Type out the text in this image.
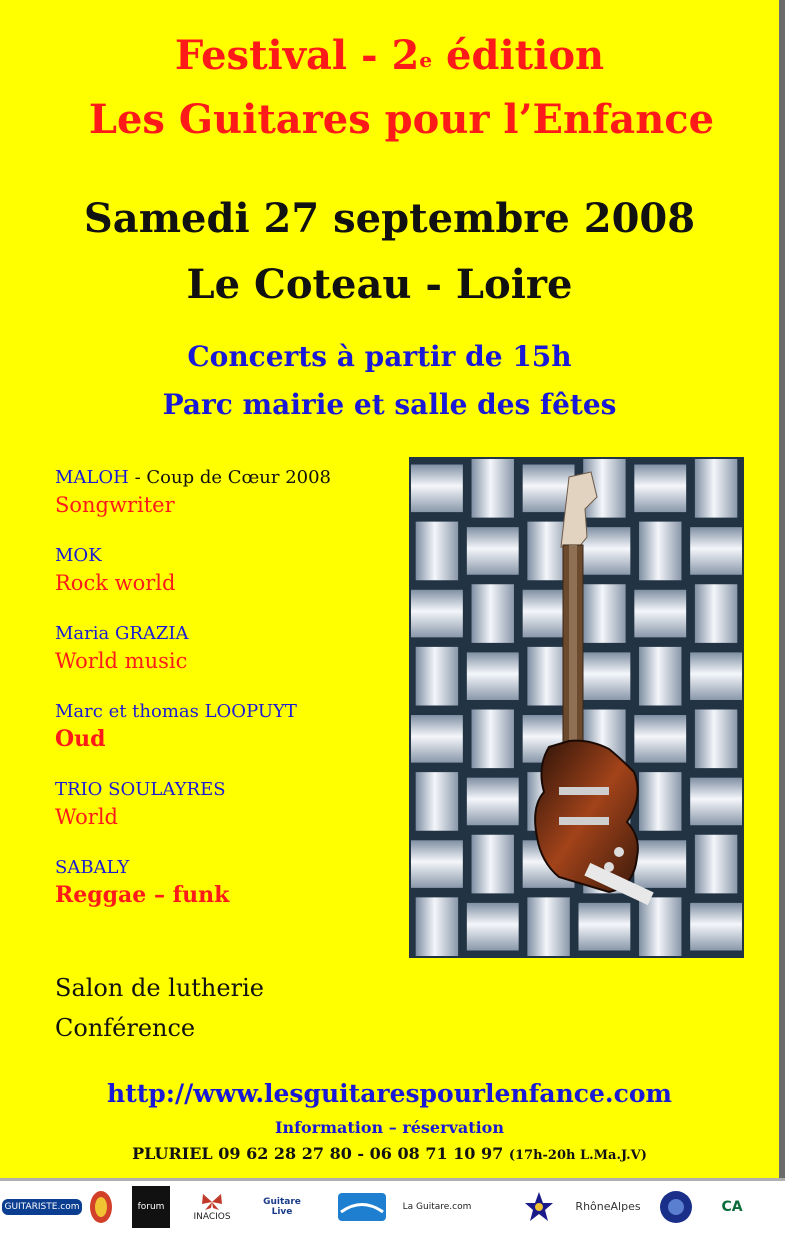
Festival - 2e édition
Les Guitares pour l’Enfance
Samedi 27 septembre 2008
Le Coteau - Loire
Concerts à partir de 15h
Parc mairie et salle des fêtes
MALOH - Coup de Cœur 2008
Songwriter
MOK
Rock world
Maria GRAZIA
World music
Marc et thomas LOOPUYT
Oud
TRIO SOULAYRES
World
SABALY
Reggae – funk
Salon de lutherie
Conférence
http://www.lesguitarespourlenfance.com
Information – réservation
PLURIEL 09 62 28 27 80 - 06 08 71 10 97 (17h-20h L.Ma.J.V)
GUITARISTE.com	forum
INACIOS
Guitare Live	La Guitare.com	RhôneAlpes	CA
